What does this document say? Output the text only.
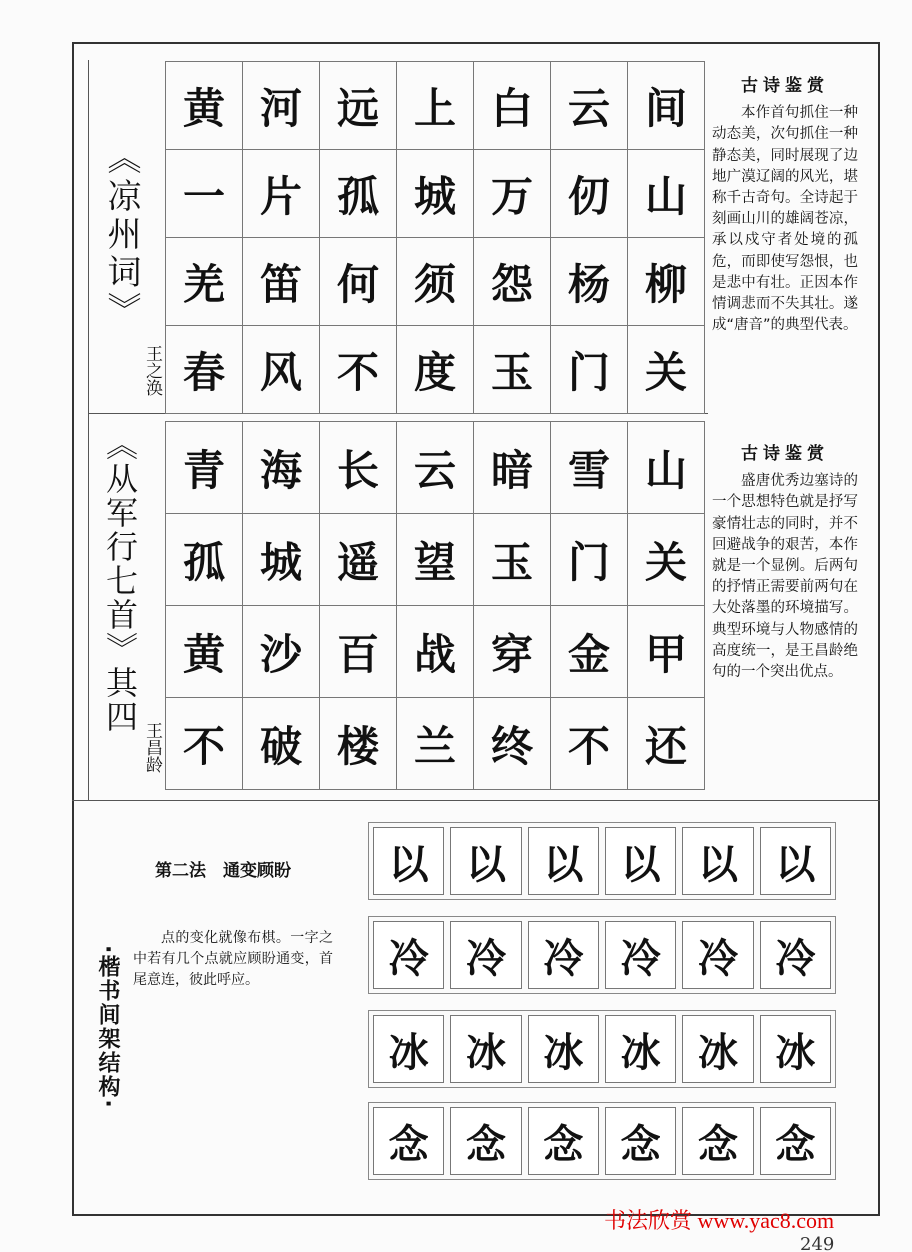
《凉州词》
王之涣
黄 河 远 上 白 云 间
一 片 孤 城 万 仞 山
羌 笛 何 须 怨 杨 柳
春 风 不 度 玉 门 关
古诗鉴赏

本作首句抓住一种动态美，次句抓住一种静态美，同时展现了边地广漠辽阔的风光，堪称千古奇句。全诗起于刻画山川的雄阔苍凉，承以戍守者处境的孤危，而即使写怨恨，也是悲中有壮。正因本作情调悲而不失其壮。遂成“唐音”的典型代表。

《从军行七首》其四
王昌龄
青 海 长 云 暗 雪 山
孤 城 遥 望 玉 门 关
黄 沙 百 战 穿 金 甲
不 破 楼 兰 终 不 还
古诗鉴赏

盛唐优秀边塞诗的一个思想特色就是抒写豪情壮志的同时，并不回避战争的艰苦，本作就是一个显例。后两句的抒情正需要前两句在大处落墨的环境描写。典型环境与人物感情的高度统一，是王昌龄绝句的一个突出优点。

·楷书间架结构·
第二法　通变顾盼

点的变化就像布棋。一字之中若有几个点就应顾盼通变，首尾意连，彼此呼应。

以 以 以 以 以 以
冷 冷 冷 冷 冷 冷
冰 冰 冰 冰 冰 冰
念 念 念 念 念 念
书法欣赏 www.yac8.com
249
